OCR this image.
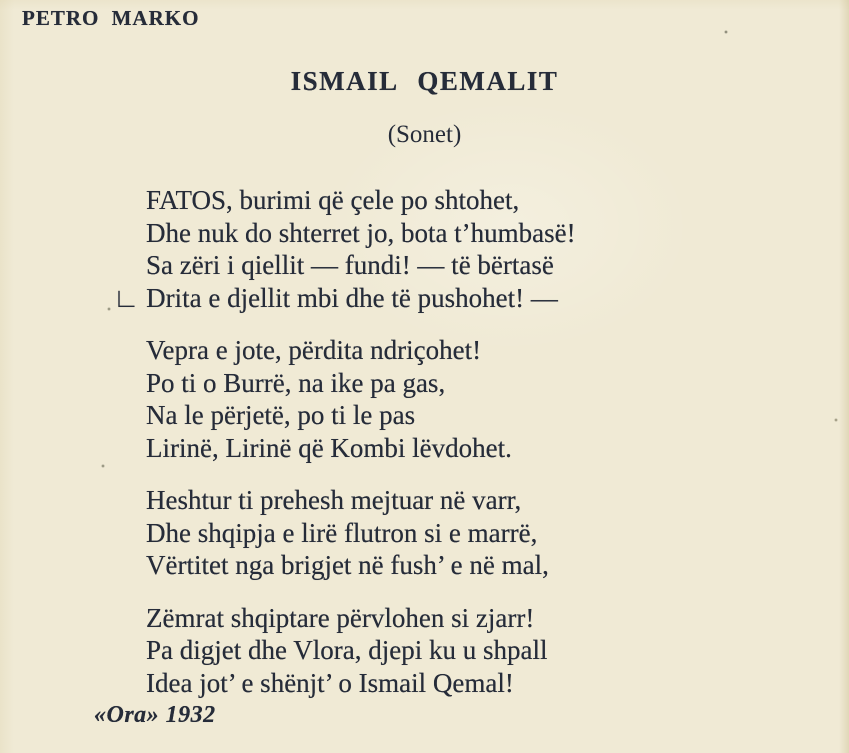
PETRO MARKO
ISMAIL QEMALIT
(Sonet)
FATOS, burimi që çele po shtohet,
Dhe nuk do shterret jo, bota t’humbasë!
Sa zëri i qiellit — fundi! — të bërtasë
∟ Drita e djellit mbi dhe të pushohet! —
Vepra e jote, përdita ndriçohet!
Po ti o Burrë, na ike pa gas,
Na le përjetë, po ti le pas
Lirinë, Lirinë që Kombi lëvdohet.
Heshtur ti prehesh mejtuar në varr,
Dhe shqipja e lirë flutron si e marrë,
Vërtitet nga brigjet në fush’ e në mal,
Zëmrat shqiptare përvlohen si zjarr!
Pa digjet dhe Vlora, djepi ku u shpall
Idea jot’ e shënjt’ o Ismail Qemal!
«Ora» 1932
